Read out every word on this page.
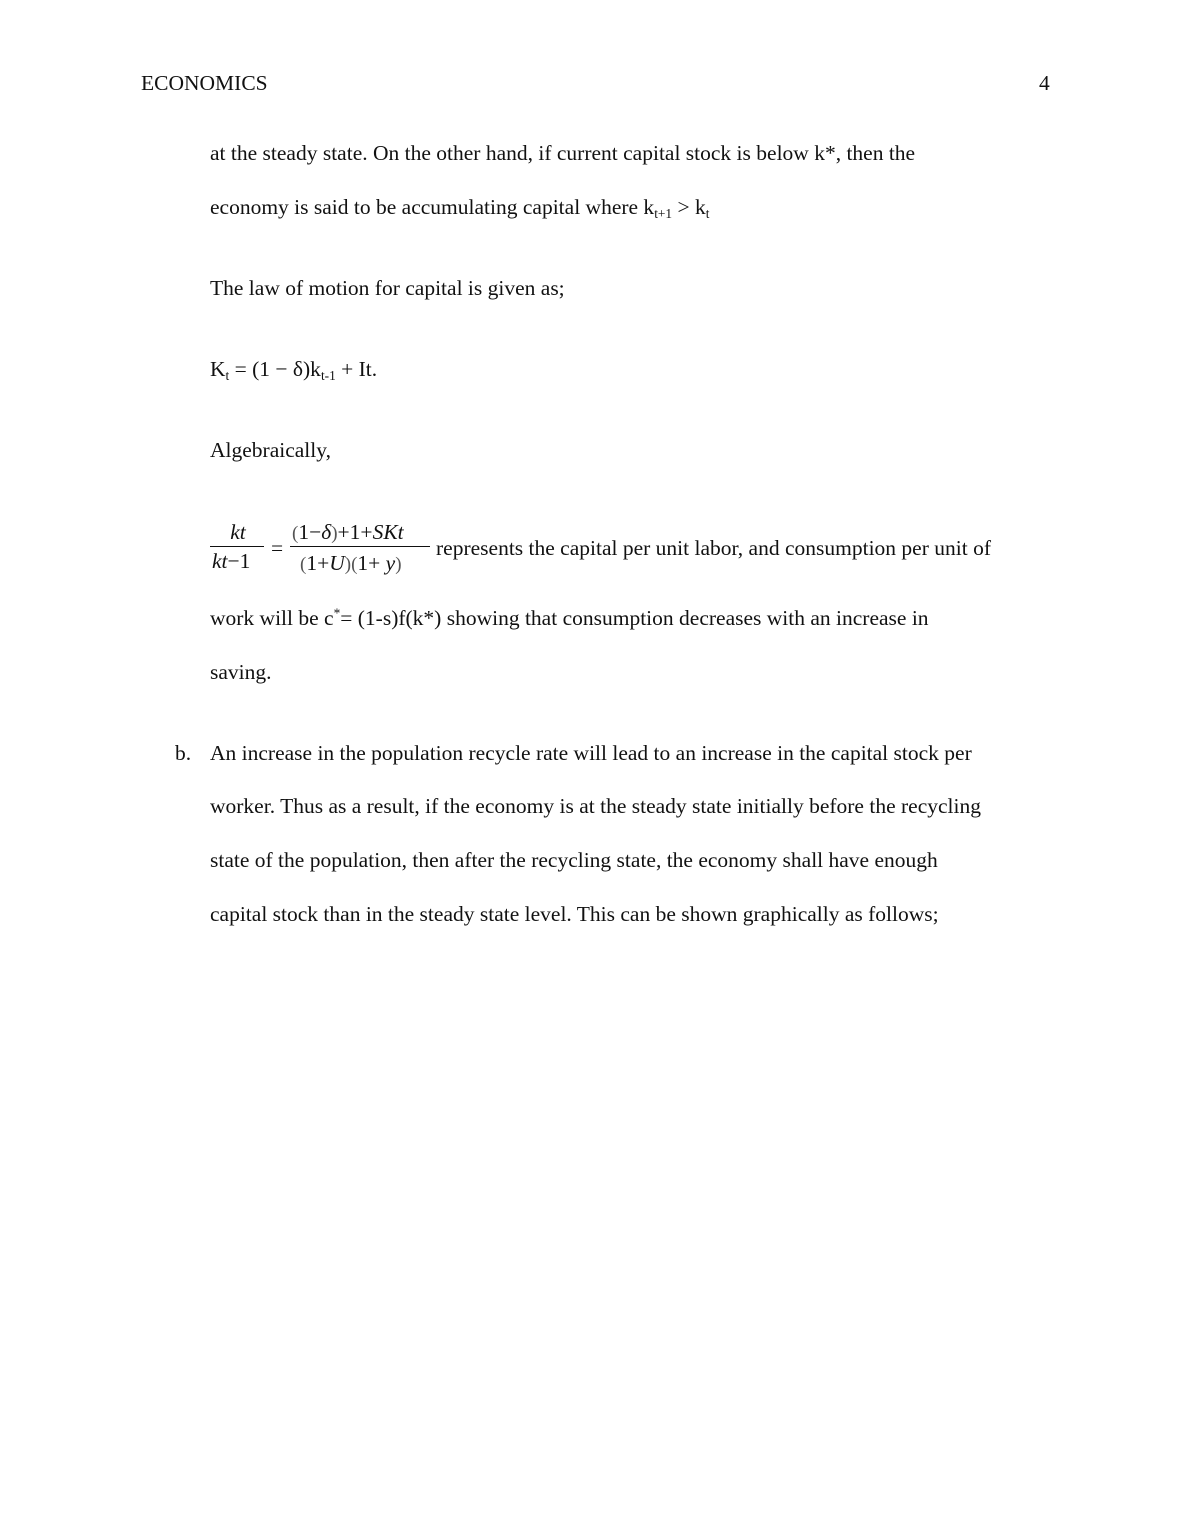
ECONOMICS	4
at the steady state. On the other hand, if current capital stock is below k*, then the
economy is said to be accumulating capital where $k_{t+1} > k_t$
The law of motion for capital is given as;
$K_t = (1 - \delta)k_{t-1} + It$.
Algebraically,
kt
kt−1
=
(1−δ)+1+SKt
(1+U)(1+ y)
represents the capital per unit labor, and consumption per unit of
work will be c*= (1-s)f(k*) showing that consumption decreases with an increase in
saving.
b. An increase in the population recycle rate will lead to an increase in the capital stock per
worker. Thus as a result, if the economy is at the steady state initially before the recycling
state of the population, then after the recycling state, the economy shall have enough
capital stock than in the steady state level. This can be shown graphically as follows;
